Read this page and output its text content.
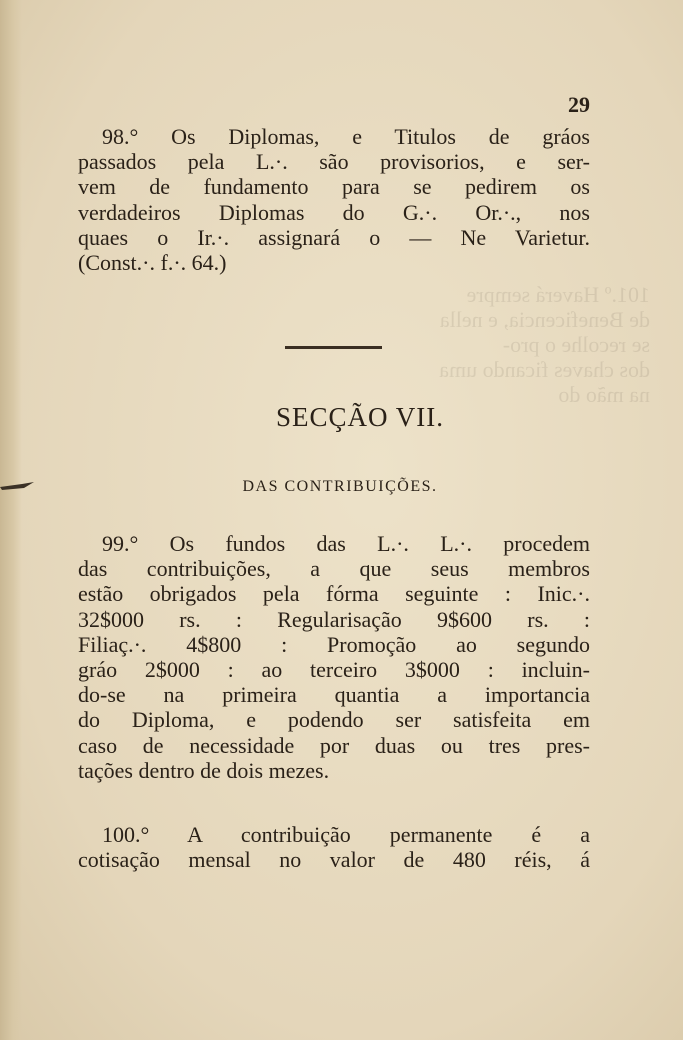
101.º Haverá sempre
de Beneficencia, e nella se recolhe o pro-
dos chaves ficando uma na mão do
29
98.° Os Diplomas, e Titulos de gráos
passados pela L.·. são provisorios, e ser-
vem de fundamento para se pedirem os
verdadeiros Diplomas do G.·. Or.·., nos
quaes o Ir.·. assignará o — Ne Varietur.
(Const.·. f.·. 64.)
SECÇÃO VII.
DAS CONTRIBUIÇÕES.
99.° Os fundos das L.·. L.·. procedem
das contribuições, a que seus membros
estão obrigados pela fórma seguinte : Inic.·.
32$000 rs. : Regularisação 9$600 rs. :
Filiaç.·. 4$800 : Promoção ao segundo
gráo 2$000 : ao terceiro 3$000 : incluin-
do-se na primeira quantia a importancia
do Diploma, e podendo ser satisfeita em
caso de necessidade por duas ou tres pres-
tações dentro de dois mezes.
100.° A contribuição permanente é a
cotisação mensal no valor de 480 réis, á
